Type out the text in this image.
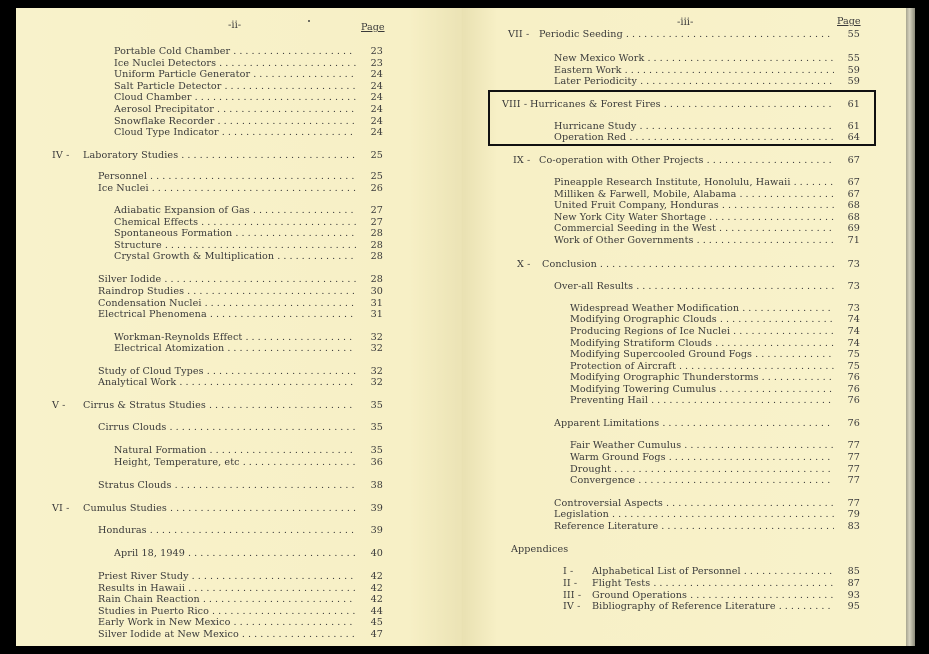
-ii-	Page
Portable Cold Chamber . . .	23
Ice Nuclei Detectors . . .	23
Uniform Particle Generator . . .	24
Salt Particle Detector . . .	24
Cloud Chamber . . .	24
Aerosol Precipitator . . .	24
Snowflake Recorder . . .	24
Cloud Type Indicator . . .	24
IV - Laboratory Studies . . .	25
Personnel . . .	25
Ice Nuclei . . .	26
Adiabatic Expansion of Gas . . .	27
Chemical Effects . . .	27
Spontaneous Formation . . .	28
Structure . . .	28
Crystal Growth & Multiplication . . .	28
Silver Iodide . . .	28
Raindrop Studies . . .	30
Condensation Nuclei . . .	31
Electrical Phenomena . . .	31
Workman-Reynolds Effect . . .	32
Electrical Atomization . . .	32
Study of Cloud Types . . .	32
Analytical Work . . .	32
V - Cirrus & Stratus Studies . . .	35
Cirrus Clouds . . .	35
Natural Formation . . .	35
Height, Temperature, etc . . .	36
Stratus Clouds . . .	38
VI - Cumulus Studies . . .	39
Honduras . . .	39
April 18, 1949 . . .	40
Priest River Study . . .	42
Results in Hawaii . . .	42
Rain Chain Reaction . . .	42
Studies in Puerto Rico . . .	44
Early Work in New Mexico . . .	45
Silver Iodide at New Mexico . . .	47
-iii-	Page
VII - Periodic Seeding . . .	55
New Mexico Work . . .	55
Eastern Work . . .	59
Later Periodicity . . .	59
VIII - Hurricanes & Forest Fires . . .	61
Hurricane Study . . .	61
Operation Red . . .	64
IX - Co-operation with Other Projects . . .	67
Pineapple Research Institute, Honolulu, Hawaii . . .	67
Milliken & Farwell, Mobile, Alabama . . .	67
United Fruit Company, Honduras . . .	68
New York City Water Shortage . . .	68
Commercial Seeding in the West . . .	69
Work of Other Governments . . .	71
X - Conclusion . . .	73
Over-all Results . . .	73
Widespread Weather Modification . . .	73
Modifying Orographic Clouds . . .	74
Producing Regions of Ice Nuclei . . .	74
Modifying Stratiform Clouds . . .	74
Modifying Supercooled Ground Fogs . . .	75
Protection of Aircraft . . .	75
Modifying Orographic Thunderstorms . . .	76
Modifying Towering Cumulus . . .	76
Preventing Hail . . .	76
Apparent Limitations . . .	76
Fair Weather Cumulus . . .	77
Warm Ground Fogs . . .	77
Drought . . .	77
Convergence . . .	77
Controversial Aspects . . .	77
Legislation . . .	79
Reference Literature . . .	83
Appendices
I - Alphabetical List of Personnel . . .	85
II - Flight Tests . . .	87
III - Ground Operations . . .	93
IV - Bibliography of Reference Literature . . .	95
